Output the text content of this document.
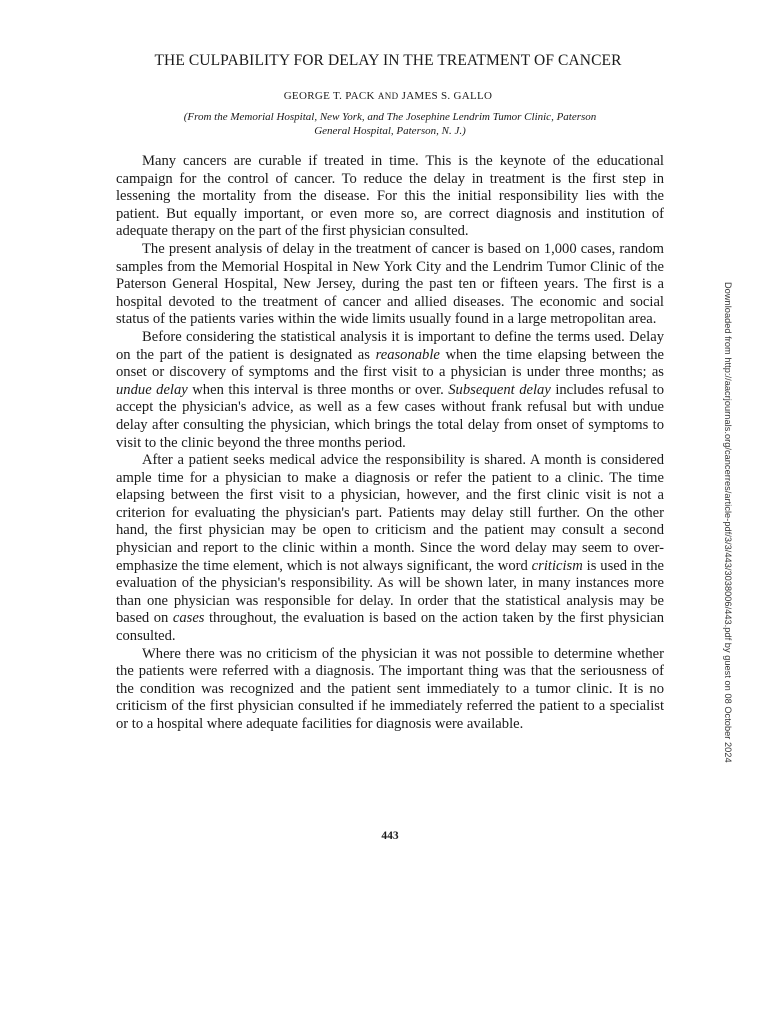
THE CULPABILITY FOR DELAY IN THE TREATMENT OF CANCER
GEORGE T. PACK AND JAMES S. GALLO
(From the Memorial Hospital, New York, and The Josephine Lendrim Tumor Clinic, Paterson
General Hospital, Paterson, N. J.)

Many cancers are curable if treated in time. This is the keynote of the educational campaign for the control of cancer. To reduce the delay in treatment is the first step in lessening the mortality from the disease. For this the initial responsibility lies with the patient. But equally important, or even more so, are correct diagnosis and institution of adequate therapy on the part of the first physician consulted.

The present analysis of delay in the treatment of cancer is based on 1,000 cases, random samples from the Memorial Hospital in New York City and the Lendrim Tumor Clinic of the Paterson General Hospital, New Jersey, during the past ten or fifteen years. The first is a hospital devoted to the treatment of cancer and allied diseases. The economic and social status of the patients varies within the wide limits usually found in a large metropolitan area.

Before considering the statistical analysis it is important to define the terms used. Delay on the part of the patient is designated as reasonable when the time elapsing between the onset or discovery of symptoms and the first visit to a physician is under three months; as undue delay when this interval is three months or over. Subsequent delay includes refusal to accept the physician's advice, as well as a few cases without frank refusal but with undue delay after consulting the physician, which brings the total delay from onset of symptoms to visit to the clinic beyond the three months period.

After a patient seeks medical advice the responsibility is shared. A month is considered ample time for a physician to make a diagnosis or refer the patient to a clinic. The time elapsing between the first visit to a physician, however, and the first clinic visit is not a criterion for evaluating the physician's part. Patients may delay still further. On the other hand, the first physician may be open to criticism and the patient may consult a second physician and report to the clinic within a month. Since the word delay may seem to over-emphasize the time element, which is not always significant, the word criticism is used in the evaluation of the physician's responsibility. As will be shown later, in many instances more than one physician was responsible for delay. In order that the statistical analysis may be based on cases throughout, the evaluation is based on the action taken by the first physician consulted.

Where there was no criticism of the physician it was not possible to determine whether the patients were referred with a diagnosis. The important thing was that the seriousness of the condition was recognized and the patient sent immediately to a tumor clinic. It is no criticism of the first physician consulted if he immediately referred the patient to a specialist or to a hospital where adequate facilities for diagnosis were available.

443
Downloaded from http://aacrjournals.org/cancerres/article-pdf/3/3/443/3038006/443.pdf by guest on 08 October 2024
